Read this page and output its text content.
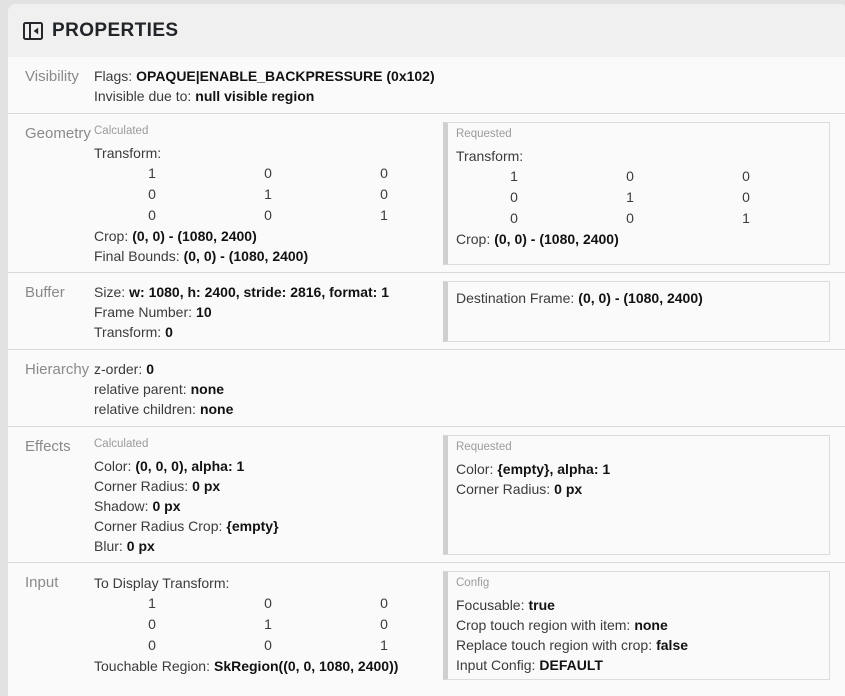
PROPERTIES
Visibility	Flags: OPAQUE|ENABLE_BACKPRESSURE (0x102)
Invisible due to: null visible region
Geometry Calculated
Transform:
1	0	0
0	1	0
0	0	1
Crop: (0, 0) - (1080, 2400)
Final Bounds: (0, 0) - (1080, 2400)
Requested
Transform:
1	0	0
0	1	0
0	0	1
Crop: (0, 0) - (1080, 2400)
Buffer	Size: w: 1080, h: 2400, stride: 2816, format: 1
Frame Number: 10
Transform: 0
Destination Frame: (0, 0) - (1080, 2400)
Hierarchy z-order: 0
relative parent: none
relative children: none
Effects	Calculated
Color: (0, 0, 0), alpha: 1
Corner Radius: 0 px
Shadow: 0 px
Corner Radius Crop: {empty}
Blur: 0 px
Requested
Color: {empty}, alpha: 1
Corner Radius: 0 px
Input	To Display Transform:
1	0	0
0	1	0
0	0	1
Touchable Region: SkRegion((0, 0, 1080, 2400))
Config
Focusable: true
Crop touch region with item: none
Replace touch region with crop: false
Input Config: DEFAULT
